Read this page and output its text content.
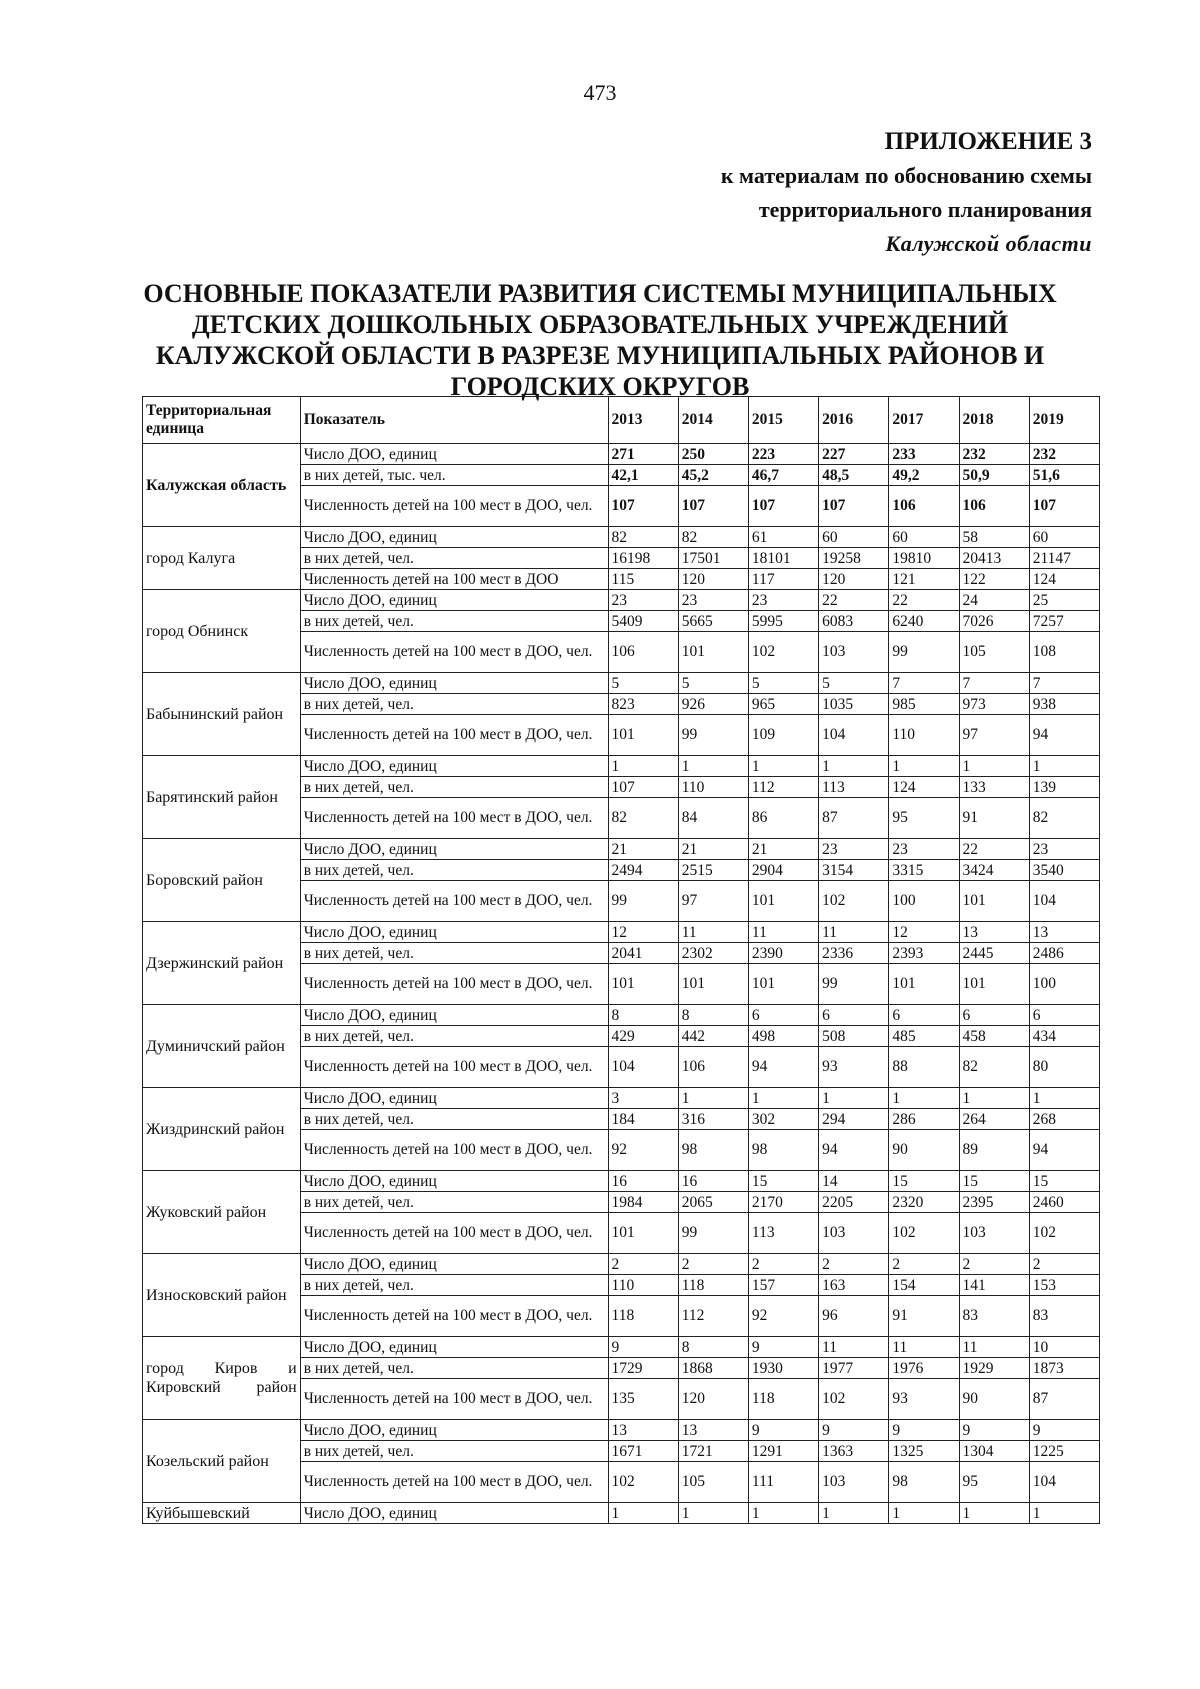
473
ПРИЛОЖЕНИЕ 3
к материалам по обоснованию схемы
территориального планирования
Калужской области
ОСНОВНЫЕ ПОКАЗАТЕЛИ РАЗВИТИЯ СИСТЕМЫ МУНИЦИПАЛЬНЫХ ДЕТСКИХ ДОШКОЛЬНЫХ ОБРАЗОВАТЕЛЬНЫХ УЧРЕЖДЕНИЙ КАЛУЖСКОЙ ОБЛАСТИ В РАЗРЕЗЕ МУНИЦИПАЛЬНЫХ РАЙОНОВ И ГОРОДСКИХ ОКРУГОВ
Территориальная единица	Показатель	2013	2014	2015	2016	2017	2018	2019
Калужская область	Число ДОО, единиц	271	250	223	227	233	232	232
	в них детей, тыс. чел.	42,1	45,2	46,7	48,5	49,2	50,9	51,6
	Численность детей на 100 мест в ДОО, чел.	107	107	107	107	106	106	107
город Калуга	Число ДОО, единиц	82	82	61	60	60	58	60
	в них детей, чел.	16198	17501	18101	19258	19810	20413	21147
	Численность детей на 100 мест в ДОО	115	120	117	120	121	122	124
город Обнинск	Число ДОО, единиц	23	23	23	22	22	24	25
	в них детей, чел.	5409	5665	5995	6083	6240	7026	7257
	Численность детей на 100 мест в ДОО, чел.	106	101	102	103	99	105	108
Бабынинский район	Число ДОО, единиц	5	5	5	5	7	7	7
	в них детей, чел.	823	926	965	1035	985	973	938
	Численность детей на 100 мест в ДОО, чел.	101	99	109	104	110	97	94
Барятинский район	Число ДОО, единиц	1	1	1	1	1	1	1
	в них детей, чел.	107	110	112	113	124	133	139
	Численность детей на 100 мест в ДОО, чел.	82	84	86	87	95	91	82
Боровский район	Число ДОО, единиц	21	21	21	23	23	22	23
	в них детей, чел.	2494	2515	2904	3154	3315	3424	3540
	Численность детей на 100 мест в ДОО, чел.	99	97	101	102	100	101	104
Дзержинский район	Число ДОО, единиц	12	11	11	11	12	13	13
	в них детей, чел.	2041	2302	2390	2336	2393	2445	2486
	Численность детей на 100 мест в ДОО, чел.	101	101	101	99	101	101	100
Думиничский район	Число ДОО, единиц	8	8	6	6	6	6	6
	в них детей, чел.	429	442	498	508	485	458	434
	Численность детей на 100 мест в ДОО, чел.	104	106	94	93	88	82	80
Жиздринский район	Число ДОО, единиц	3	1	1	1	1	1	1
	в них детей, чел.	184	316	302	294	286	264	268
	Численность детей на 100 мест в ДОО, чел.	92	98	98	94	90	89	94
Жуковский район	Число ДОО, единиц	16	16	15	14	15	15	15
	в них детей, чел.	1984	2065	2170	2205	2320	2395	2460
	Численность детей на 100 мест в ДОО, чел.	101	99	113	103	102	103	102
Износковский район	Число ДОО, единиц	2	2	2	2	2	2	2
	в них детей, чел.	110	118	157	163	154	141	153
	Численность детей на 100 мест в ДОО, чел.	118	112	92	96	91	83	83
город Киров и Кировский район	Число ДОО, единиц	9	8	9	11	11	11	10
	в них детей, чел.	1729	1868	1930	1977	1976	1929	1873
	Численность детей на 100 мест в ДОО, чел.	135	120	118	102	93	90	87
Козельский район	Число ДОО, единиц	13	13	9	9	9	9	9
	в них детей, чел.	1671	1721	1291	1363	1325	1304	1225
	Численность детей на 100 мест в ДОО, чел.	102	105	111	103	98	95	104
Куйбышевский	Число ДОО, единиц	1	1	1	1	1	1	1
